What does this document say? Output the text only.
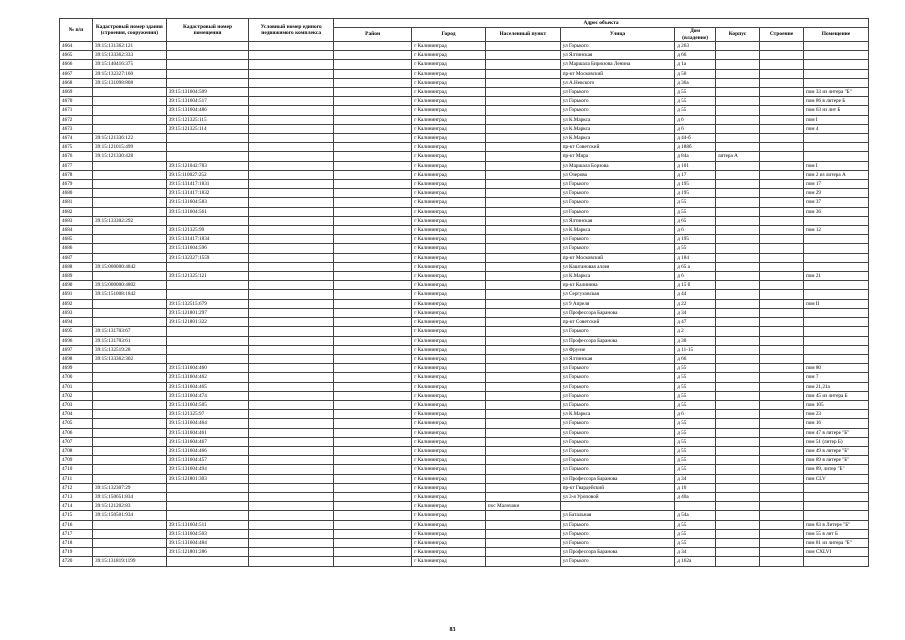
№ п/п	Кадастровый номер здания (строения, сооружения)	Кадастровый номер помещения	Условный номер единого недвижимого комплекса	Адрес объекта							
				Район	Город	Населенный пункт	Улица	Дом (владение)	Корпус	Строение	Помещение
4664	39:15:131362:121				г Калининград		ул Горького	д 263			
4665	39:15:133362:333				г Калининград		ул Ялтинская	д 66			
4666	39:15:140416:375				г Калининград		ул Маршала Бирюзова Ленина	д 1а			
4667	39:15:132327:160				г Калининград		пр-кт Московский	д 50			
4668	39:15:131098:808				г Калининград		ул А.Невского	д 36а			
4669		39:15:131604:509			г Калининград		ул Горького	д 55			пом 33 из литера "Б"
4670		39:15:131604:517			г Калининград		ул Горького	д 55			пом 86 в литере Б
4671		39:15:131604:486			г Калининград		ул Горького	д 55			пом 63 из лит Б
4672		39:15:121325:115			г Калининград		ул К.Маркса	д 6			пом I
4673		39:15:121325:114			г Калининград		ул К.Маркса	д 6			пом 4
4674	39:15:121336:122				г Калининград		ул К.Маркса	д 44-б			
4675	39:15:121015:499				г Калининград		пр-кт Советский	д 188б			
4676	39:15:121330:428				г Калининград		пр-кт Мира	д 84а	литера А		
4677		39:15:121042:783			г Калининград		ул Маршала Борзова	д 101			пом I
4678		39:15:110027:252			г Калининград		ул Озерова	д 17			пом 2 из литера А
4679		39:15:131417:1831			г Калининград		ул Горького	д 195			пом 17
4680		39:15:131417:1832			г Калининград		ул Горького	д 195			пом 29
4681		39:15:131604:583			г Калининград		ул Горького	д 55			пом 37
4682		39:15:131604:561			г Калининград		ул Горького	д 55			пом 36
4683	39:15:133302:292				г Калининград		ул Ялтинская	д 65			
4684		39:15:121325:99			г Калининград		ул К.Маркса	д 6			пом 12
4685		39:15:131417:1834			г Калининград		ул Горького	д 195			
4686		39:15:131604:596			г Калининград		ул Горького	д 55			
4687		39:15:132327:1559			г Калининград		пр-кт Московский	д 184			
4688	39:15:000000:4842				г Калининград		ул Каштановая аллея	д 65 а			
4689		39:15:121325:121			г Калининград		ул К.Маркса	д 6			пом 21
4690	39:15:000000:4802				г Калининград		пр-кт Калинина	д 15 б			
4691	39:15:151008:1842				г Калининград		ул Сергуховская	д 44			
4692		39:15:132515:679			г Калининград		ул 9 Апреля	д 22			пом II
4693		39:15:121801:297			г Калининград		ул Профессора Баранова	д 34			
4694		39:15:121801:322			г Калининград		пр-кт Советский	д 47			
4695	39:15:131703:67				г Калининград		ул Горького	д 2			
4696	39:15:131703:61				г Калининград		ул Профессора Баранова	д 30			
4697	39:15:132519:28				г Калининград		ул Фрунзе	д 11-15			
4698	39:15:133362:302				г Калининград		ул Ялтинская	д 66			
4699		39:15:131604:460			г Калининград		ул Горького	д 55			пом 80
4700		39:15:131604:462			г Калининград		ул Горького	д 55			пом 7
4701		39:15:131604:465			г Калининград		ул Горького	д 55			пом 21,21а
4702		39:15:131604:474			г Калининград		ул Горького	д 55			пом 45 из литера Б
4703		39:15:131604:505			г Калининград		ул Горького	д 55			пом 105
4704		39:15:121325:97			г Калининград		ул К.Маркса	д 6			пом 23
4705		39:15:131604:464			г Калининград		ул Горького	д 55			пом 16
4706		39:15:131604:461			г Калининград		ул Горького	д 55			пом 47 в литере "Б"
4707		39:15:131604:467			г Калининград		ул Горького	д 55			пом 51 (литер Б)
4708		39:15:131604:466			г Калининград		ул Горького	д 55			пом 49 в литере "Б"
4709		39:15:131604:457			г Калининград		ул Горького	д 55			пом 89 в литере "Б"
4710		39:15:131604:494			г Калининград		ул Горького	д 55			пом 89, литер "Б"
4711		39:15:121801:303			г Калининград		ул Профессора Баранова	д 34			пом CLV
4712	39:15:132307:29				г Калининград		пр-кт Гвардейский	д 10			
4713	39:15:150651:834				г Калининград		ул 3-я Уроповой	д 40а			
4714	39:15:121202:83				г Калининград	пос Малочаки					
4715	39:15:150501:934				г Калининград		ул Батальная	д 54а			
4716		39:15:131604:511			г Калининград		ул Горького	д 55			пом 83 в Литере "Б"
4717		39:15:131604:503			г Калининград		ул Горького	д 55			пом 55 в лит Б
4718		39:15:131604:484			г Калининград		ул Горького	д 55			пом 81 из литера "Б"
4719		39:15:121801:286			г Калининград		ул Профессора Баранова	д 34			пом CXLVI
4720	39:15:131819:1199				г Калининград		ул Горького	д 162а			
83
